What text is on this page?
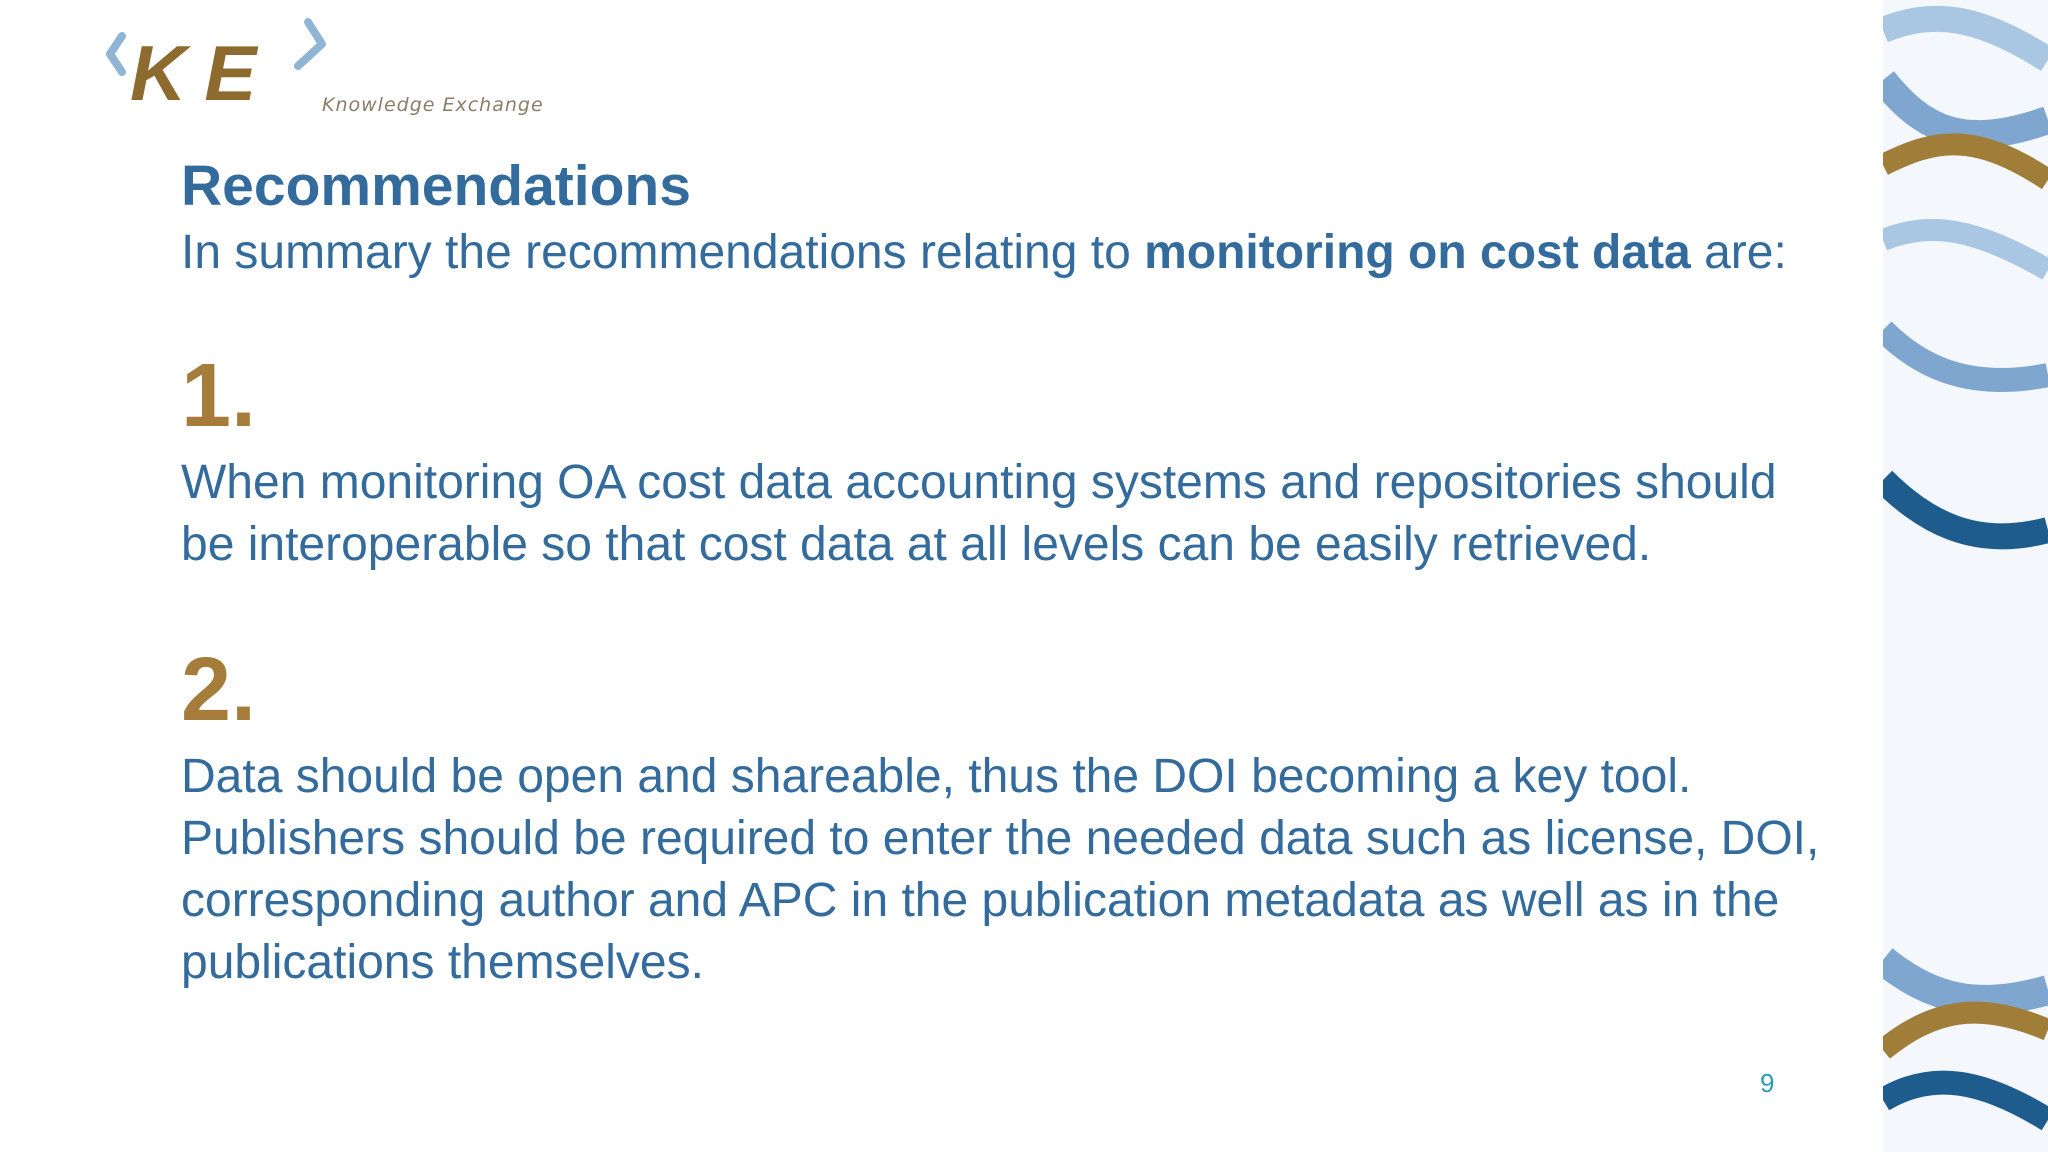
KE	Knowledge Exchange
Recommendations

In summary the recommendations relating to monitoring on cost data are:

1.

When monitoring OA cost data accounting systems and repositories should be interoperable so that cost data at all levels can be easily retrieved.

2.

Data should be open and shareable, thus the DOI becoming a key tool. Publishers should be required to enter the needed data such as license, DOI, corresponding author and APC in the publication metadata as well as in the publications themselves.

9
